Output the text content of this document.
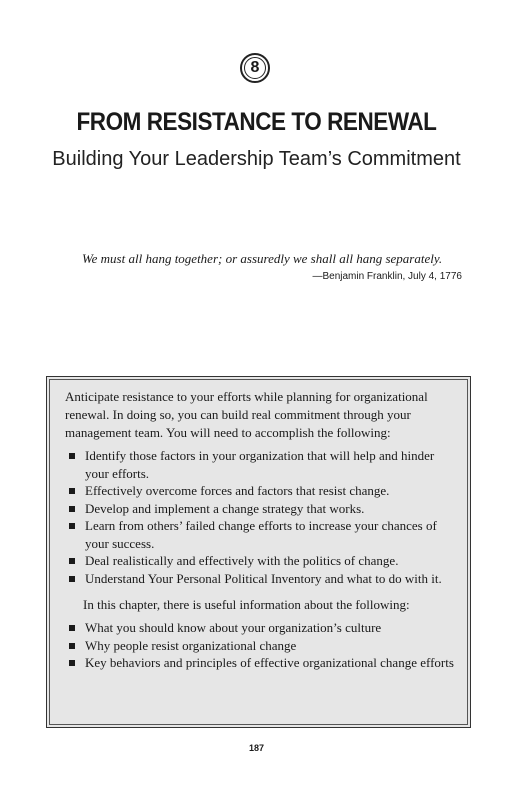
8
FROM RESISTANCE TO RENEWAL
Building Your Leadership Team’s Commitment

We must all hang together; or assuredly we shall all hang separately.

—Benjamin Franklin, July 4, 1776

Anticipate resistance to your efforts while planning for organizational renewal. In doing so, you can build real commitment through your management team. You will need to accomplish the following:

Identify those factors in your organization that will help and hinder your efforts.
Effectively overcome forces and factors that resist change.
Develop and implement a change strategy that works.
Learn from others’ failed change efforts to increase your chances of your success.
Deal realistically and effectively with the politics of change.
Understand Your Personal Political Inventory and what to do with it.

In this chapter, there is useful information about the following:

What you should know about your organization’s culture
Why people resist organizational change
Key behaviors and principles of effective organizational change efforts

187
